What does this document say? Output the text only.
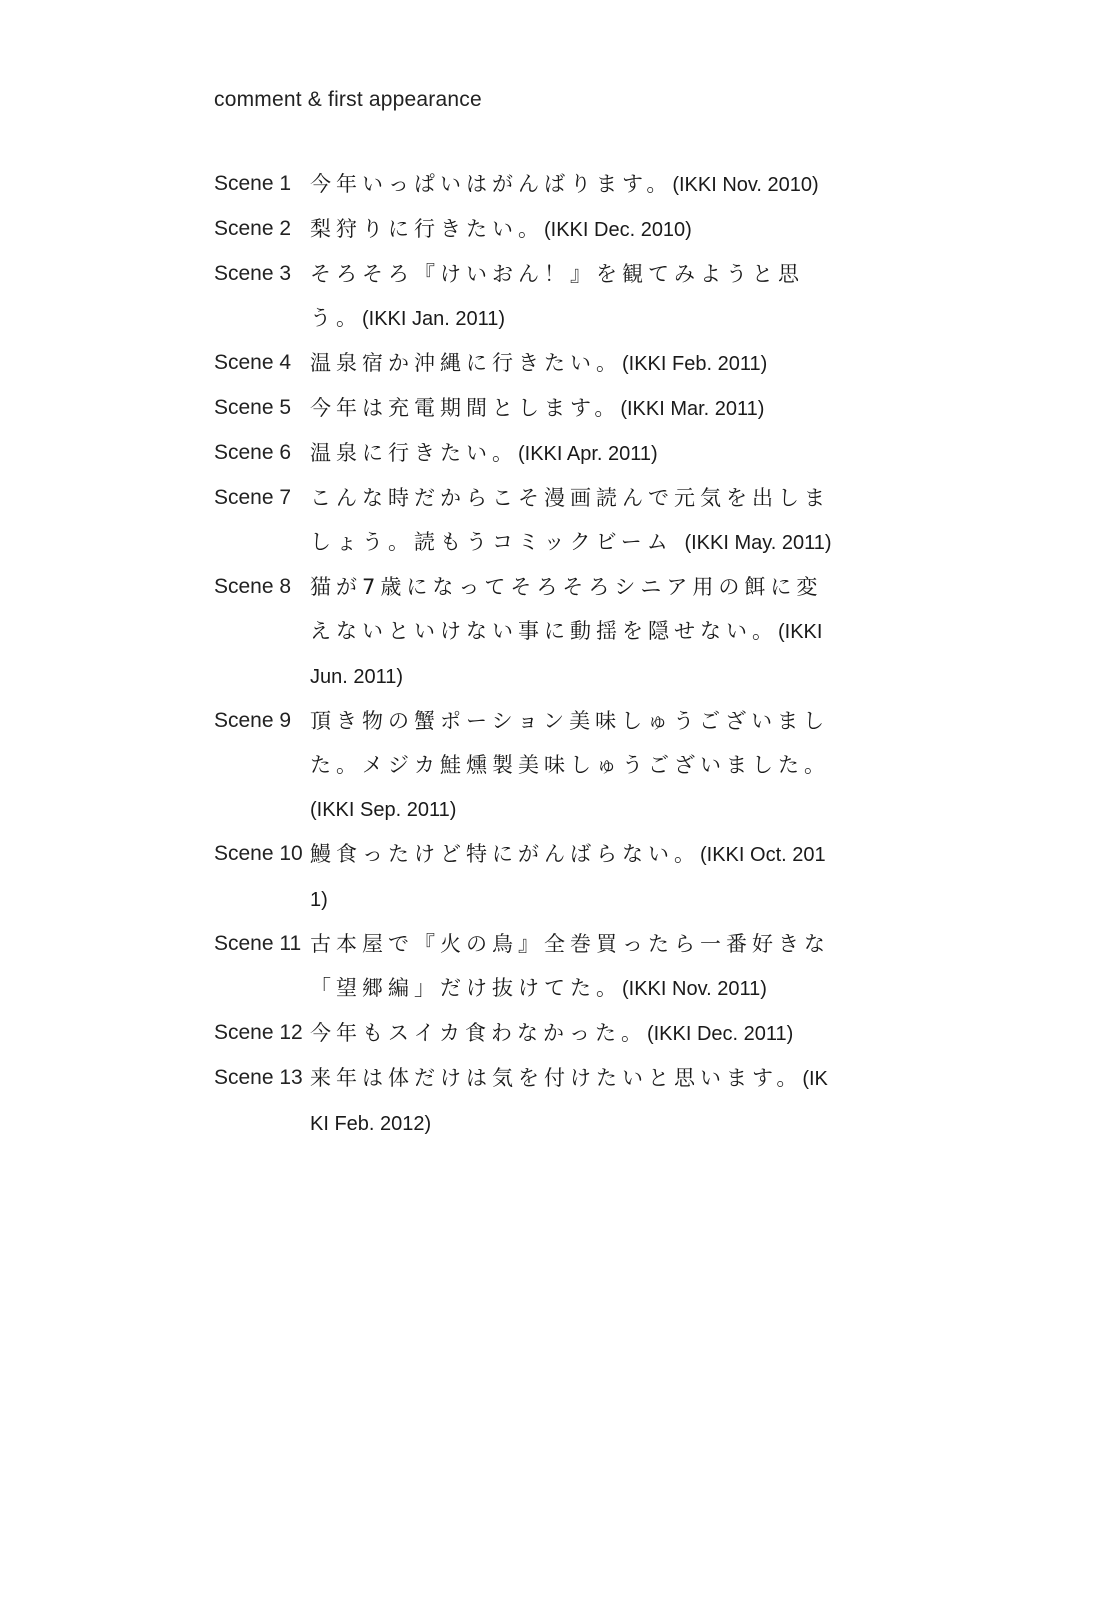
comment & first appearance
Scene 1 今年いっぱいはがんばります。(IKKI Nov. 2010)
Scene 2 梨狩りに行きたい。(IKKI Dec. 2010)
Scene 3 そろそろ『けいおん！』を観てみようと思う。(IKKI Jan. 2011)
Scene 4 温泉宿か沖縄に行きたい。(IKKI Feb. 2011)
Scene 5 今年は充電期間とします。(IKKI Mar. 2011)
Scene 6 温泉に行きたい。(IKKI Apr. 2011)
Scene 7 こんな時だからこそ漫画読んで元気を出しましょう。読もうコミックビーム (IKKI May. 2011)
Scene 8 猫が7歳になってそろそろシニア用の餌に変えないといけない事に動揺を隠せない。(IKKI Jun. 2011)
Scene 9 頂き物の蟹ポーション美味しゅうございました。メジカ鮭燻製美味しゅうございました。(IKKI Sep. 2011)
Scene 10 鰻食ったけど特にがんばらない。(IKKI Oct. 2011)
Scene 11 古本屋で『火の鳥』全巻買ったら一番好きな「望郷編」だけ抜けてた。(IKKI Nov. 2011)
Scene 12 今年もスイカ食わなかった。(IKKI Dec. 2011)
Scene 13 来年は体だけは気を付けたいと思います。(IKKI Feb. 2012)
